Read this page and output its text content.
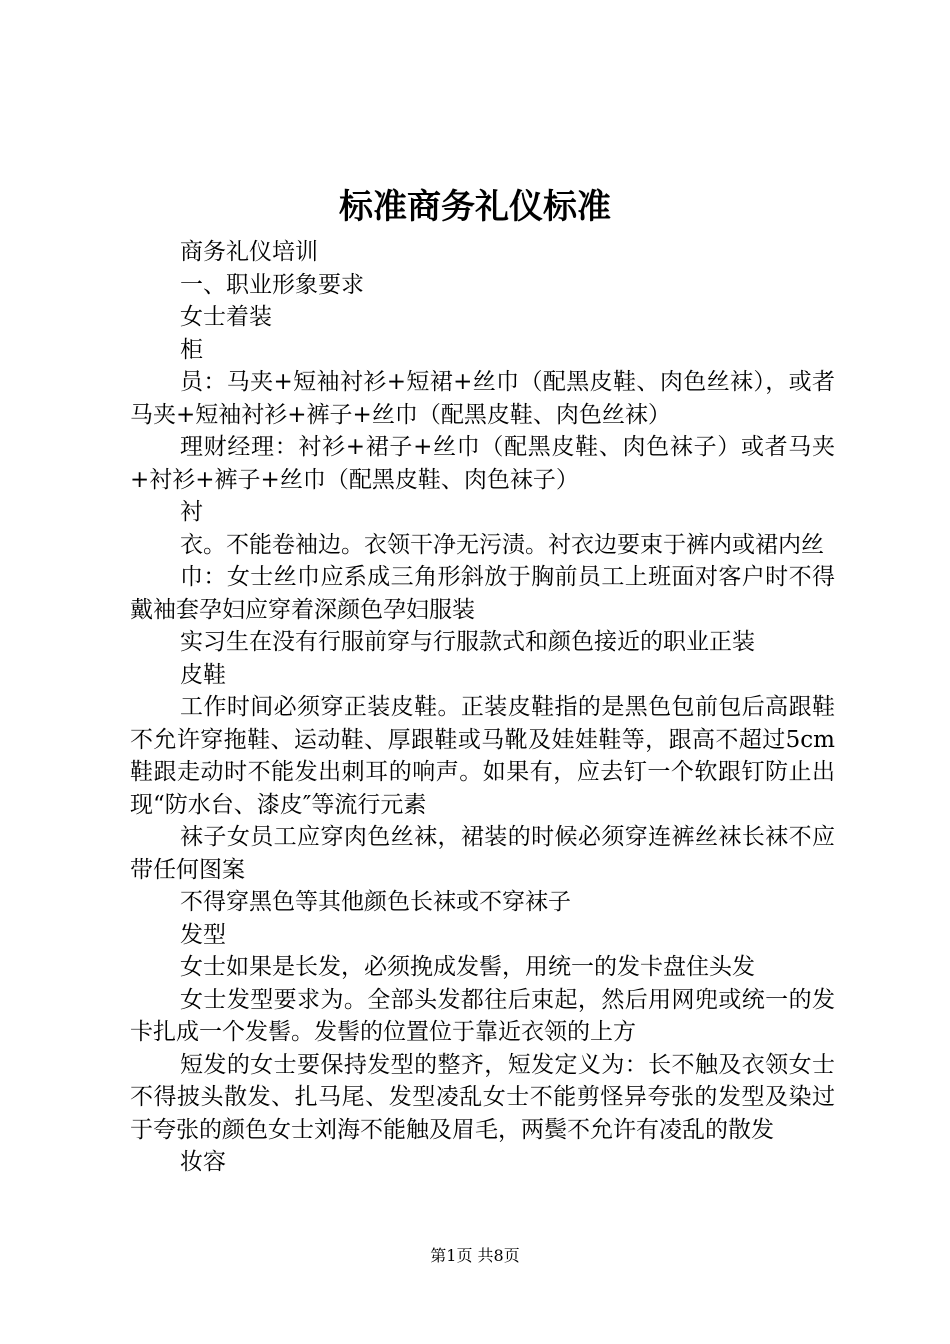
标准商务礼仪标准

商务礼仪培训

一、职业形象要求

女士着装

柜

员：马夹+短袖衬衫+短裙+丝巾（配黑皮鞋、肉色丝袜），或者马夹+短袖衬衫+裤子+丝巾（配黑皮鞋、肉色丝袜）

理财经理：衬衫+裙子+丝巾（配黑皮鞋、肉色袜子）或者马夹+衬衫+裤子+丝巾（配黑皮鞋、肉色袜子）

衬

衣。不能卷袖边。衣领干净无污渍。衬衣边要束于裤内或裙内丝

巾：女士丝巾应系成三角形斜放于胸前员工上班面对客户时不得戴袖套孕妇应穿着深颜色孕妇服装

实习生在没有行服前穿与行服款式和颜色接近的职业正装

皮鞋

工作时间必须穿正装皮鞋。正装皮鞋指的是黑色包前包后高跟鞋不允许穿拖鞋、运动鞋、厚跟鞋或马靴及娃娃鞋等，跟高不超过5cm鞋跟走动时不能发出刺耳的响声。如果有，应去钉一个软跟钉防止出现“防水台、漆皮″等流行元素

袜子女员工应穿肉色丝袜，裙装的时候必须穿连裤丝袜长袜不应带任何图案

不得穿黑色等其他颜色长袜或不穿袜子

发型

女士如果是长发，必须挽成发髻，用统一的发卡盘住头发

女士发型要求为。全部头发都往后束起，然后用网兜或统一的发卡扎成一个发髻。发髻的位置位于靠近衣领的上方

短发的女士要保持发型的整齐，短发定义为：长不触及衣领女士不得披头散发、扎马尾、发型凌乱女士不能剪怪异夸张的发型及染过于夸张的颜色女士刘海不能触及眉毛，两鬓不允许有凌乱的散发

妆容

第1页 共8页
